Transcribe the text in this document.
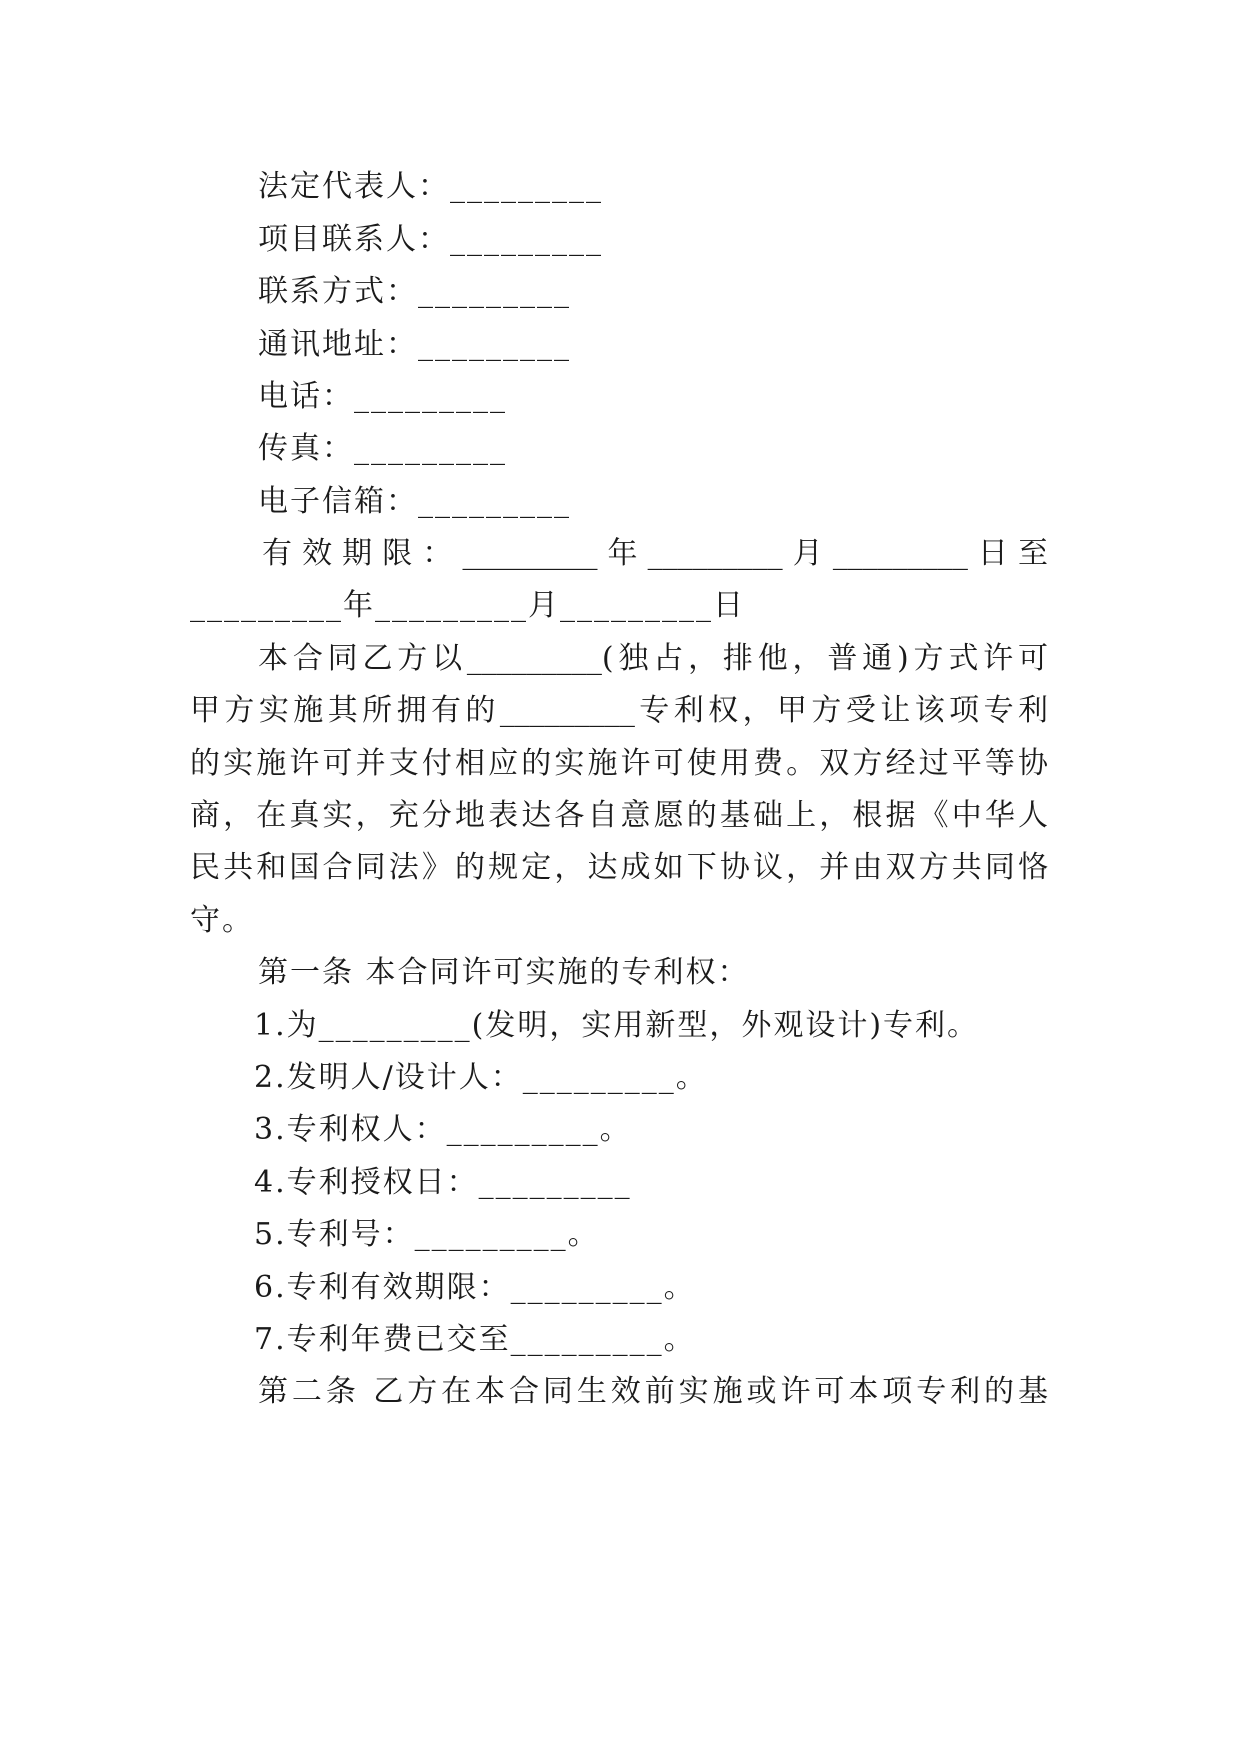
法定代表人：_________
项目联系人：_________
联系方式：_________
通讯地址：_________
电话：_________
传真：_________
电子信箱：_________
有效期限：_________年_________月_________日至
_________年_________月_________日
本合同乙方以_________(独占，排他，普通)方式许可
甲方实施其所拥有的_________专利权，甲方受让该项专利
的实施许可并支付相应的实施许可使用费。双方经过平等协
商，在真实，充分地表达各自意愿的基础上，根据《中华人
民共和国合同法》的规定，达成如下协议，并由双方共同恪
守。
第一条 本合同许可实施的专利权：
1.为_________(发明，实用新型，外观设计)专利。
2.发明人/设计人：_________。
3.专利权人：_________。
4.专利授权日：_________
5.专利号：_________。
6.专利有效期限：_________。
7.专利年费已交至_________。
第二条 乙方在本合同生效前实施或许可本项专利的基
